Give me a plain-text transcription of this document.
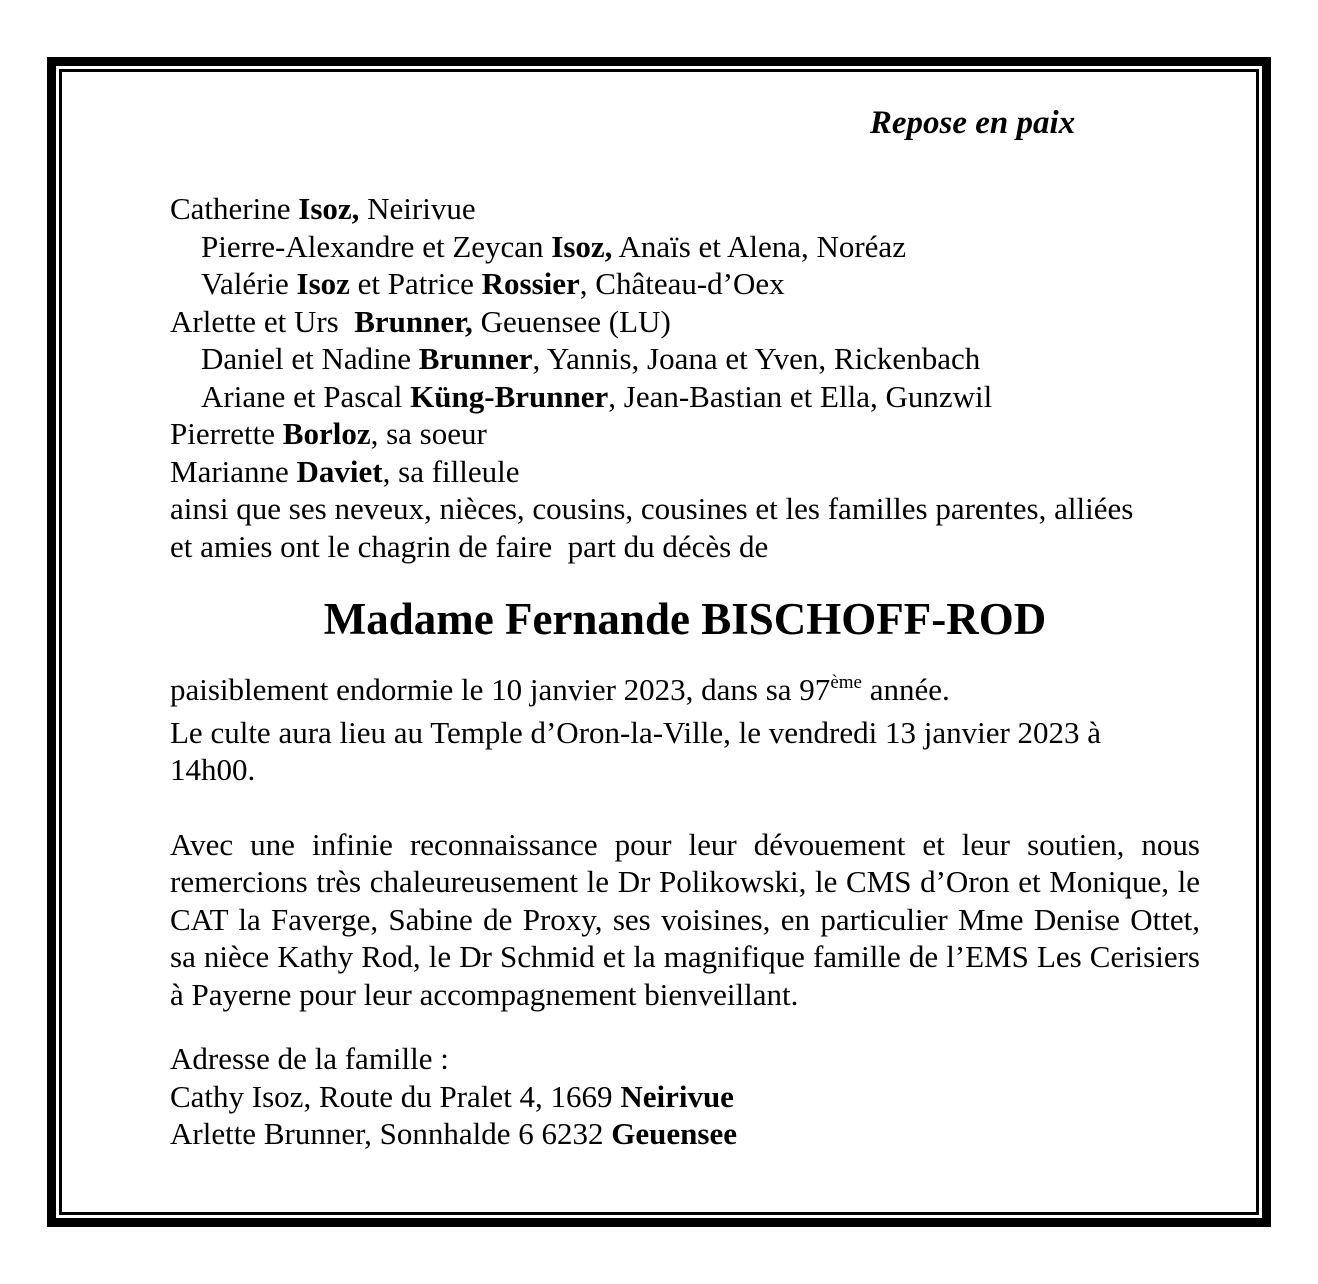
Repose en paix
Catherine Isoz, Neirivue
Pierre-Alexandre et Zeycan Isoz, Anaïs et Alena, Noréaz
Valérie Isoz et Patrice Rossier, Château-d’Oex
Arlette et Urs  Brunner, Geuensee (LU)
Daniel et Nadine Brunner, Yannis, Joana et Yven, Rickenbach
Ariane et Pascal Küng-Brunner, Jean-Bastian et Ella, Gunzwil
Pierrette Borloz, sa soeur
Marianne Daviet, sa filleule
ainsi que ses neveux, nièces, cousins, cousines et les familles parentes, alliées
et amies ont le chagrin de faire  part du décès de
Madame Fernande BISCHOFF-ROD
paisiblement endormie le 10 janvier 2023, dans sa 97ème année.
Le culte aura lieu au Temple d’Oron-la-Ville, le vendredi 13 janvier 2023 à
14h00.
Avec une infinie reconnaissance pour leur dévouement et leur soutien, nous remercions très chaleureusement le Dr Polikowski, le CMS d’Oron et Monique, le CAT la Faverge, Sabine de Proxy, ses voisines, en particulier Mme Denise Ottet, sa nièce Kathy Rod, le Dr Schmid et la magnifique famille de l’EMS Les Cerisiers à Payerne pour leur accompagnement bienveillant.
Adresse de la famille :
Cathy Isoz, Route du Pralet 4, 1669 Neirivue
Arlette Brunner, Sonnhalde 6 6232 Geuensee
